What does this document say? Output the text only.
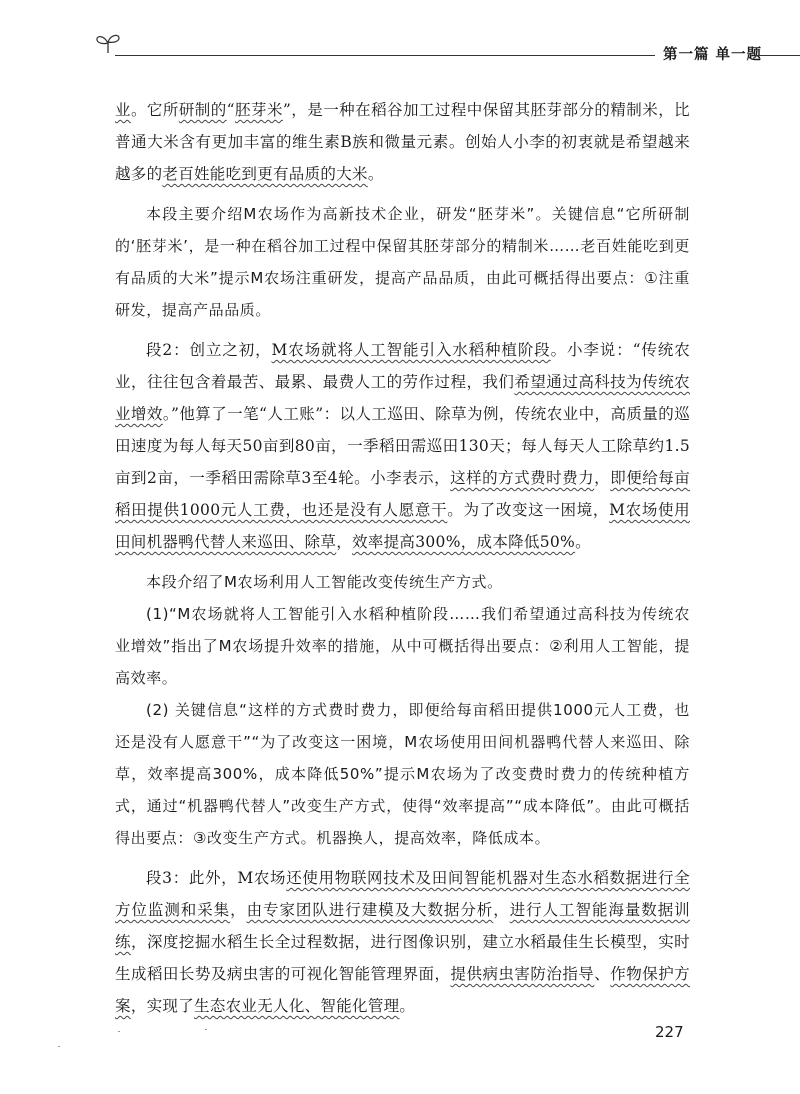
第一篇 单一题

业。它所研制的“胚芽米”，是一种在稻谷加工过程中保留其胚芽部分的精制米，比普通大米含有更加丰富的维生素B族和微量元素。创始人小李的初衷就是希望越来越多的老百姓能吃到更有品质的大米。

本段主要介绍M农场作为高新技术企业，研发“胚芽米”。关键信息“它所研制的‘胚芽米’，是一种在稻谷加工过程中保留其胚芽部分的精制米……老百姓能吃到更有品质的大米”提示M农场注重研发，提高产品品质，由此可概括得出要点：①注重研发，提高产品品质。

段2：创立之初，M农场就将人工智能引入水稻种植阶段。小李说：“传统农业，往往包含着最苦、最累、最费人工的劳作过程，我们希望通过高科技为传统农业增效。”他算了一笔“人工账”：以人工巡田、除草为例，传统农业中，高质量的巡田速度为每人每天50亩到80亩，一季稻田需巡田130天；每人每天人工除草约1.5亩到2亩，一季稻田需除草3至4轮。小李表示，这样的方式费时费力，即便给每亩稻田提供1000元人工费，也还是没有人愿意干。为了改变这一困境，M农场使用田间机器鸭代替人来巡田、除草，效率提高300%，成本降低50%。

本段介绍了M农场利用人工智能改变传统生产方式。

(1)“M农场就将人工智能引入水稻种植阶段……我们希望通过高科技为传统农业增效”指出了M农场提升效率的措施，从中可概括得出要点：②利用人工智能，提高效率。

(2) 关键信息“这样的方式费时费力，即便给每亩稻田提供1000元人工费，也还是没有人愿意干”“为了改变这一困境，M农场使用田间机器鸭代替人来巡田、除草，效率提高300%，成本降低50%”提示M农场为了改变费时费力的传统种植方式，通过“机器鸭代替人”改变生产方式，使得“效率提高”“成本降低”。由此可概括得出要点：③改变生产方式。机器换人，提高效率，降低成本。

段3：此外，M农场还使用物联网技术及田间智能机器对生态水稻数据进行全方位监测和采集，由专家团队进行建模及大数据分析，进行人工智能海量数据训练，深度挖掘水稻生长全过程数据，进行图像识别，建立水稻最佳生长模型，实时生成稻田长势及病虫害的可视化智能管理界面，提供病虫害防治指导、作物保护方案，实现了生态农业无人化、智能化管理。

227
